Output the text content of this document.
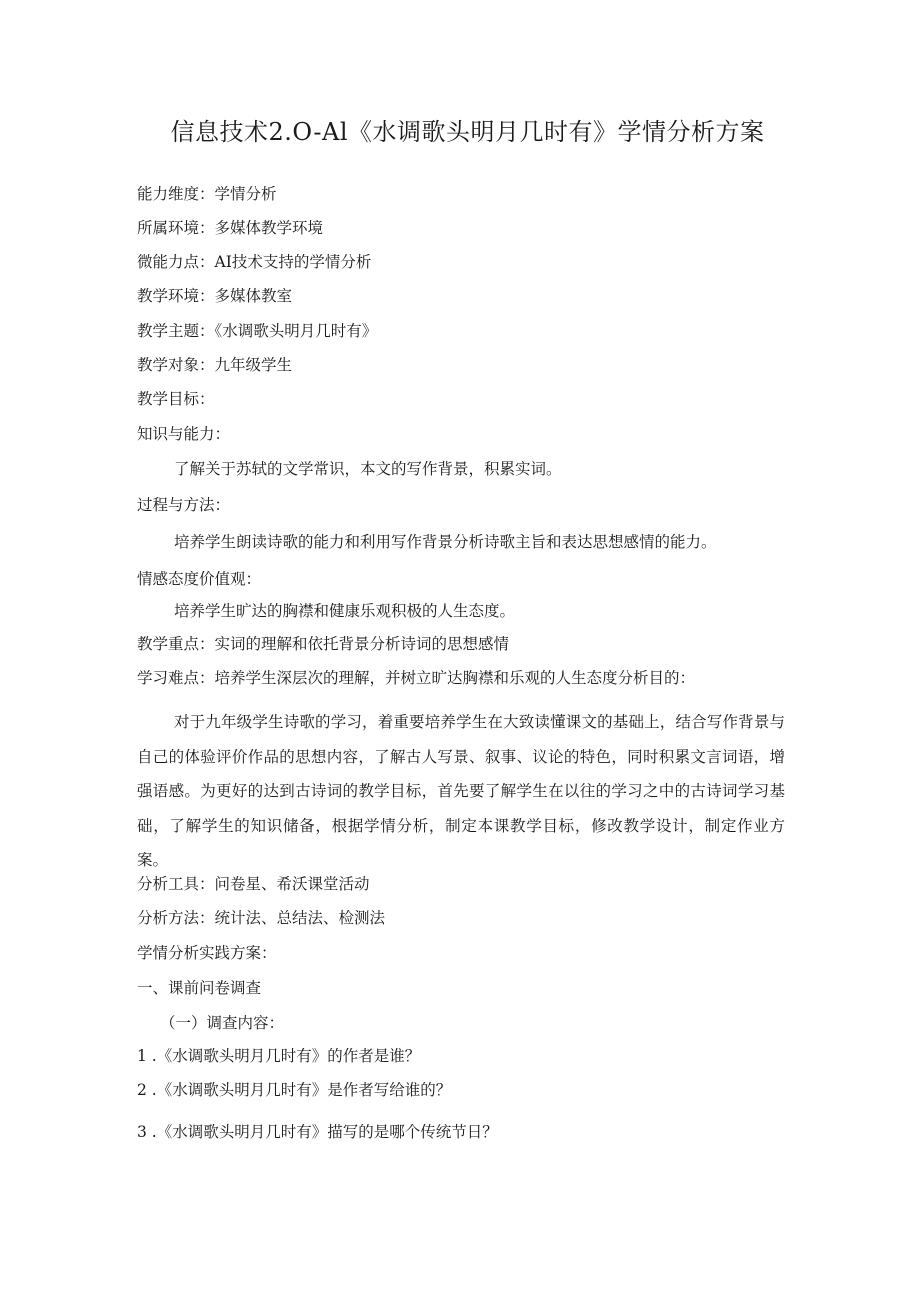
信息技术2.O-Al《水调歌头明月几时有》学情分析方案
能力维度：学情分析
所属环境：多媒体教学环境
微能力点：AI技术支持的学情分析
教学环境：多媒体教室
教学主题：《水调歌头明月几时有》
教学对象：九年级学生
教学目标：
知识与能力：
了解关于苏轼的文学常识，本文的写作背景，积累实词。
过程与方法：
培养学生朗读诗歌的能力和利用写作背景分析诗歌主旨和表达思想感情的能力。
情感态度价值观：
培养学生旷达的胸襟和健康乐观积极的人生态度。
教学重点：实词的理解和依托背景分析诗词的思想感情
学习难点：培养学生深层次的理解，并树立旷达胸襟和乐观的人生态度分析目的：
对于九年级学生诗歌的学习，着重要培养学生在大致读懂课文的基础上，结合写作背景与自己的体验评价作品的思想内容，了解古人写景、叙事、议论的特色，同时积累文言词语，增强语感。为更好的达到古诗词的教学目标，首先要了解学生在以往的学习之中的古诗词学习基础，了解学生的知识储备，根据学情分析，制定本课教学目标，修改教学设计，制定作业方案。
分析工具：问卷星、希沃课堂活动
分析方法：统计法、总结法、检测法
学情分析实践方案：
一、课前问卷调查
（一）调查内容：
1 .《水调歌头明月几时有》的作者是谁？
2 .《水调歌头明月几时有》是作者写给谁的？
3 .《水调歌头明月几时有》描写的是哪个传统节日？
